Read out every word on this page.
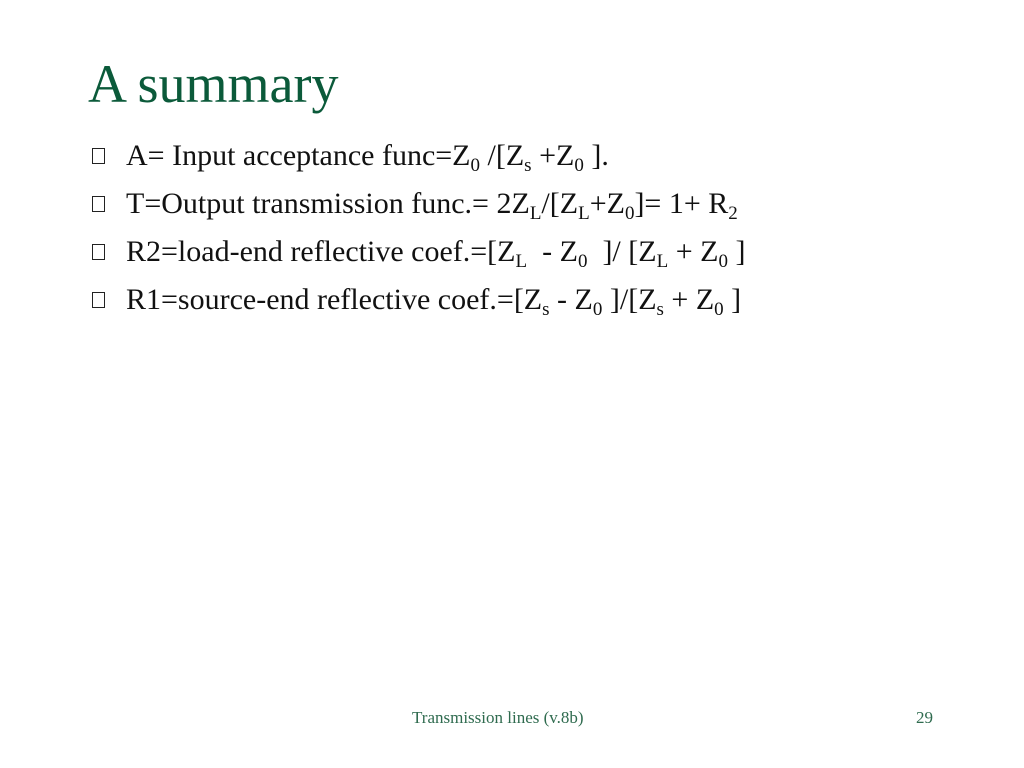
A summary
A= Input acceptance $func=Z_0$ $/[Z_s +Z_0$ ].
T=Output transmission func.= $2Z_L/[Z_L+Z_0]= 1+ R_2$
R2=load-end reflective $coef.=[Z_L - Z_0$  ]/ [$Z_L + Z_0$ ]
R1=source-end reflective $coef.=[Z_s - Z_0$ ]$/[Z_s + Z_0$ ]
Transmission lines (v.8b)	29
